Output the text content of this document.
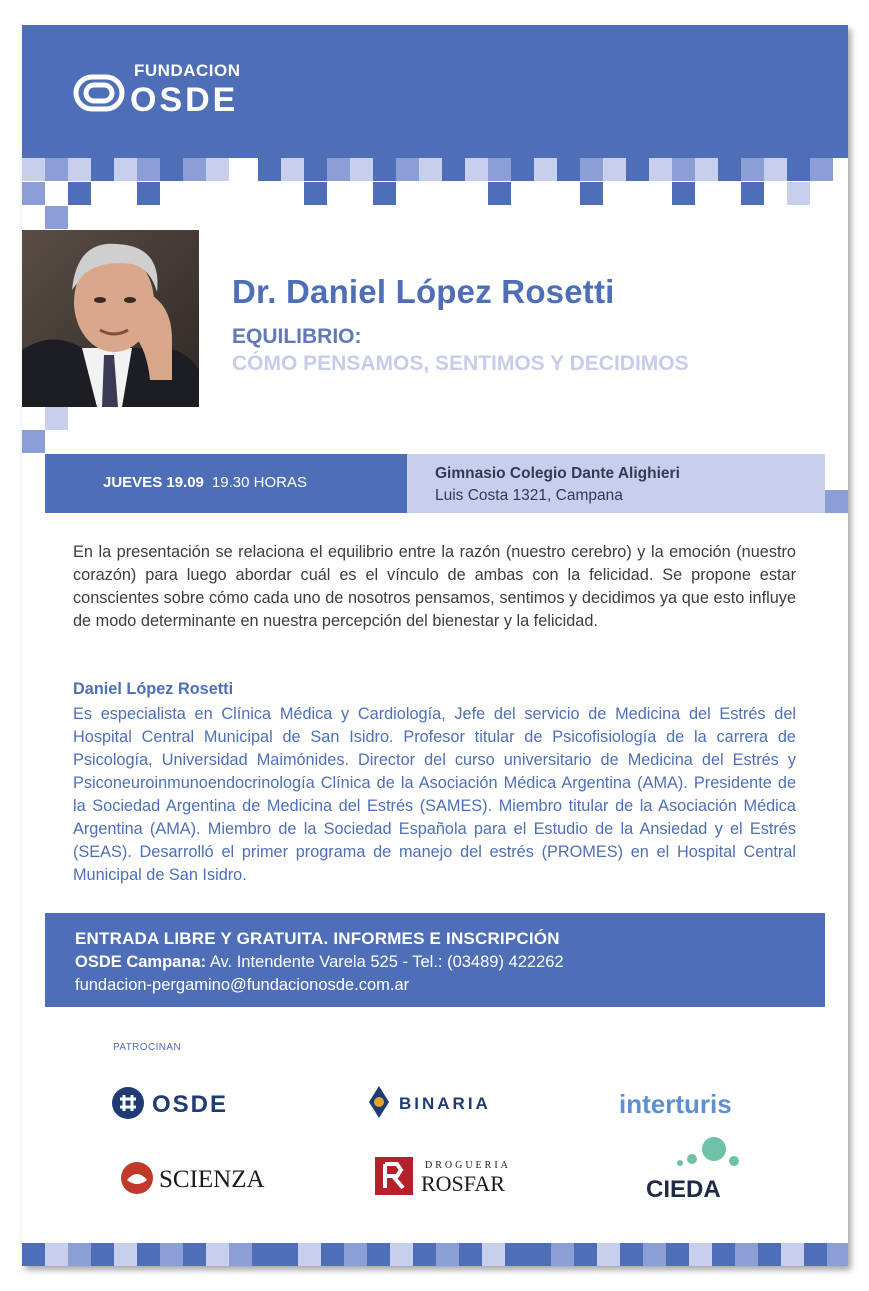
OSDE
FUNDACION
Dr. Daniel López Rosetti
EQUILIBRIO:
CÓMO PENSAMOS, SENTIMOS Y DECIDIMOS
JUEVES 19.09 19.30 HORAS
Gimnasio Colegio Dante Alighieri
Luis Costa 1321, Campana

En la presentación se relaciona el equilibrio entre la razón (nuestro cerebro) y la emoción (nuestro corazón) para luego abordar cuál es el vínculo de ambas con la felicidad. Se propone estar conscientes sobre cómo cada uno de nosotros pensamos, sentimos y decidimos ya que esto influye de modo determinante en nuestra percepción del bienestar y la felicidad.

Daniel López Rosetti

Es especialista en Clínica Médica y Cardiología, Jefe del servicio de Medicina del Estrés del Hospital Central Municipal de San Isidro. Profesor titular de Psicofisiología de la carrera de Psicología, Universidad Maimónides. Director del curso universitario de Medicina del Estrés y Psiconeuroinmunoendocrinología Clínica de la Asociación Médica Argentina (AMA). Presidente de la Sociedad Argentina de Medicina del Estrés (SAMES). Miembro titular de la Asociación Médica Argentina (AMA). Miembro de la Sociedad Española para el Estudio de la Ansiedad y el Estrés (SEAS). Desarrolló el primer programa de manejo del estrés (PROMES) en el Hospital Central Municipal de San Isidro.

ENTRADA LIBRE Y GRATUITA. INFORMES E INSCRIPCIÓN
OSDE Campana: Av. Intendente Varela 525 - Tel.: (03489) 422262
fundacion-pergamino@fundacionosde.com.ar
PATROCINAN
OSDE	BINARIA	interturis
SCIENZA
DROGUERIA
ROSFAR	CIEDA
